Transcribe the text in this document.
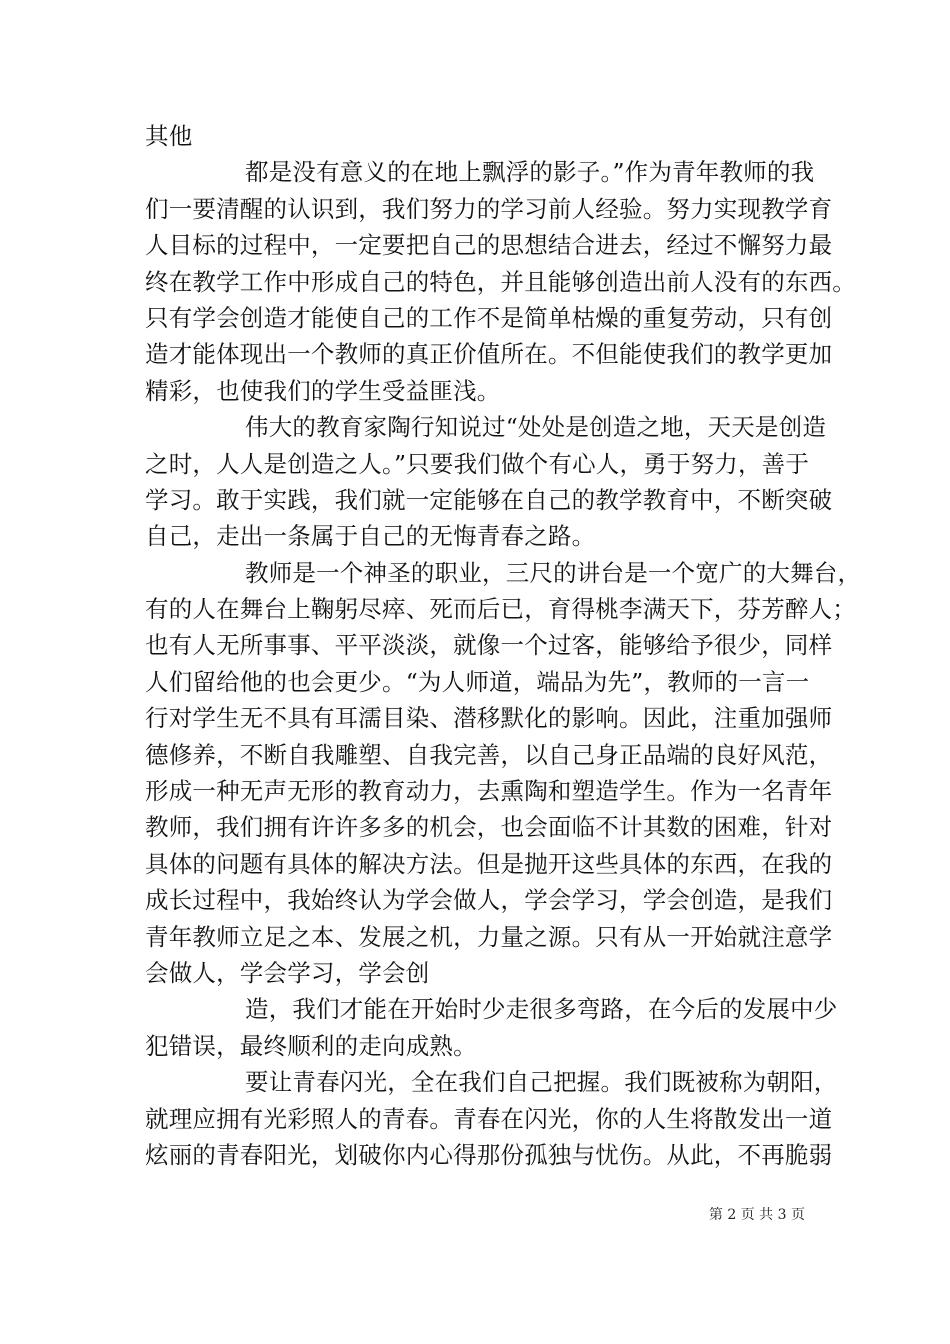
其他
都是没有意义的在地上飘浮的影子。”作为青年教师的我
们一要清醒的认识到，我们努力的学习前人经验。努力实现教学育
人目标的过程中，一定要把自己的思想结合进去，经过不懈努力最
终在教学工作中形成自己的特色，并且能够创造出前人没有的东西。
只有学会创造才能使自己的工作不是简单枯燥的重复劳动，只有创
造才能体现出一个教师的真正价值所在。不但能使我们的教学更加
精彩，也使我们的学生受益匪浅。
伟大的教育家陶行知说过“处处是创造之地，天天是创造
之时，人人是创造之人。”只要我们做个有心人，勇于努力，善于
学习。敢于实践，我们就一定能够在自己的教学教育中，不断突破
自己，走出一条属于自己的无悔青春之路。
教师是一个神圣的职业，三尺的讲台是一个宽广的大舞台，
有的人在舞台上鞠躬尽瘁、死而后已，育得桃李满天下，芬芳醉人；
也有人无所事事、平平淡淡，就像一个过客，能够给予很少，同样
人们留给他的也会更少。“为人师道，端品为先”，教师的一言一
行对学生无不具有耳濡目染、潜移默化的影响。因此，注重加强师
德修养，不断自我雕塑、自我完善，以自己身正品端的良好风范，
形成一种无声无形的教育动力，去熏陶和塑造学生。作为一名青年
教师，我们拥有许许多多的机会，也会面临不计其数的困难，针对
具体的问题有具体的解决方法。但是抛开这些具体的东西，在我的
成长过程中，我始终认为学会做人，学会学习，学会创造，是我们
青年教师立足之本、发展之机，力量之源。只有从一开始就注意学
会做人，学会学习，学会创
造，我们才能在开始时少走很多弯路，在今后的发展中少
犯错误，最终顺利的走向成熟。
要让青春闪光，全在我们自己把握。我们既被称为朝阳，
就理应拥有光彩照人的青春。青春在闪光，你的人生将散发出一道
炫丽的青春阳光，划破你内心得那份孤独与忧伤。从此，不再脆弱
第 2 页 共 3 页
